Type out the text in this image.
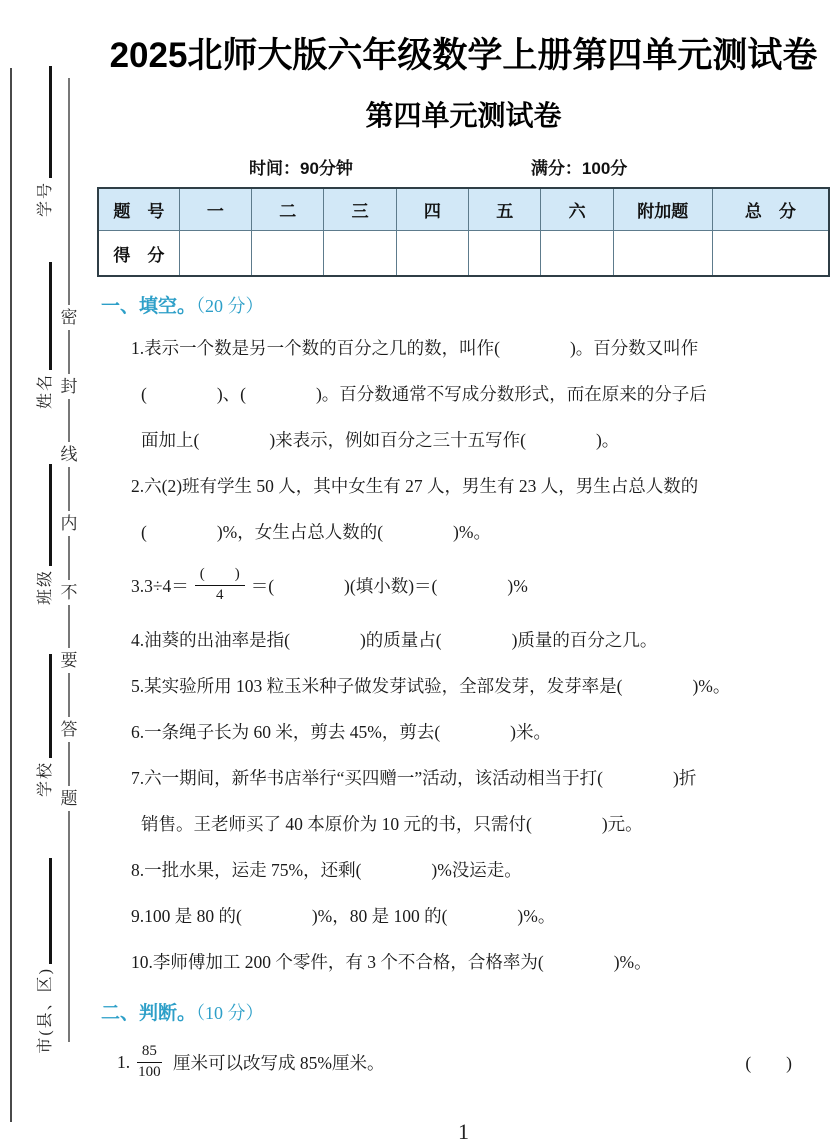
学号
姓名
班级
学校
市(县、区)
密
封
线
内
不
要
答
题
2025北师大版六年级数学上册第四单元测试卷
第四单元测试卷
时间：90分钟	满分：100分
题　号	一	二	三	四	五	六	附加题	总　分
得　分								
一、填空。（20 分）
1.表示一个数是另一个数的百分之几的数，叫作(　　　　)。百分数又叫作
(　　　　)、(　　　　)。百分数通常不写成分数形式，而在原来的分子后
面加上(　　　　)来表示，例如百分之三十五写作(　　　　)。
2.六(2)班有学生 50 人，其中女生有 27 人，男生有 23 人，男生占总人数的
(　　　　)%，女生占总人数的(　　　　)%。
$3.3\div 4= \frac{( )}{4}$ ＝(　　　　)(填小数)＝(　　　　)%
4.油葵的出油率是指(　　　　)的质量占(　　　　)质量的百分之几。
5.某实验所用 103 粒玉米种子做发芽试验，全部发芽，发芽率是(　　　　)%。
6.一条绳子长为 60 米，剪去 45%，剪去(　　　　)米。
7.六一期间，新华书店举行“买四赠一”活动，该活动相当于打(　　　　)折
销售。王老师买了 40 本原价为 10 元的书，只需付(　　　　)元。
8.一批水果，运走 75%，还剩(　　　　)%没运走。
9.100 是 80 的(　　　　)%，80 是 100 的(　　　　)%。
10.李师傅加工 200 个零件，有 3 个不合格，合格率为(　　　　)%。
二、判断。（10 分）
1. $\frac{85}{100}$ 厘米可以改写成 85%厘米。	(　　)
1
